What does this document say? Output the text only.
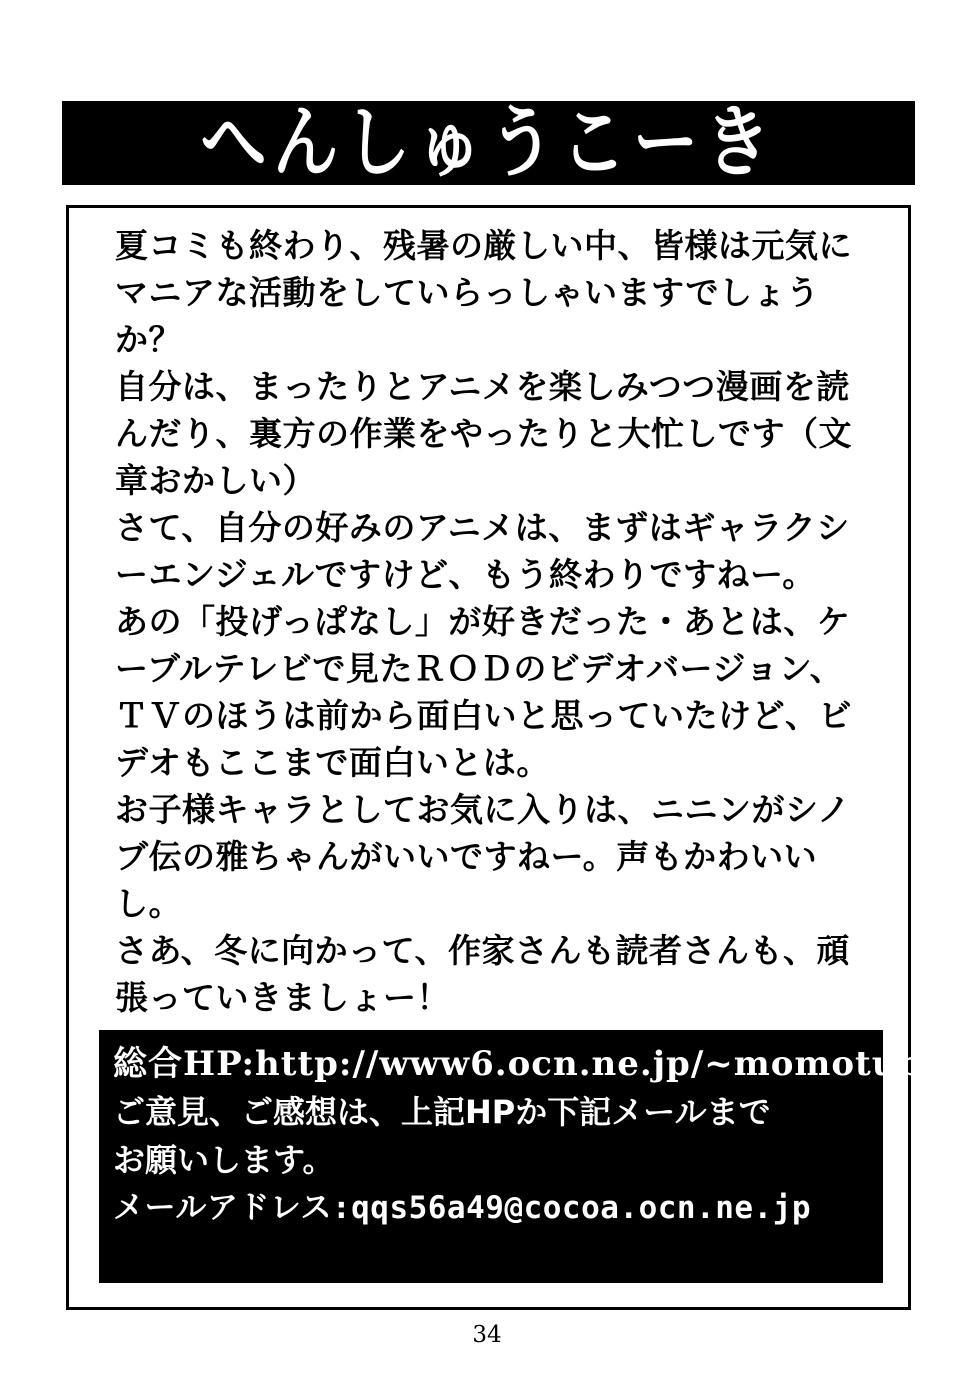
へんしゅうこーき

夏コミも終わり、残暑の厳しい中、皆様は元気にマニアな活動をしていらっしゃいますでしょうか？

自分は、まったりとアニメを楽しみつつ漫画を読んだり、裏方の作業をやったりと大忙しです（文章おかしい）

さて、自分の好みのアニメは、まずはギャラクシーエンジェルですけど、もう終わりですねー。

あの「投げっぱなし」が好きだった・あとは、ケーブルテレビで見たＲＯＤのビデオバージョン、ＴＶのほうは前から面白いと思っていたけど、ビデオもここまで面白いとは。

お子様キャラとしてお気に入りは、ニニンがシノブ伝の雅ちゃんがいいですねー。声もかわいいし。

さあ、冬に向かって、作家さんも読者さんも、頑張っていきましょー！

総合HP:http://www6.ocn.ne.jp/~momotubo/
ご意見、ご感想は、上記HPか下記メールまで
お願いします。
メールアドレス:qqs56a49@cocoa.ocn.ne.jp
34
